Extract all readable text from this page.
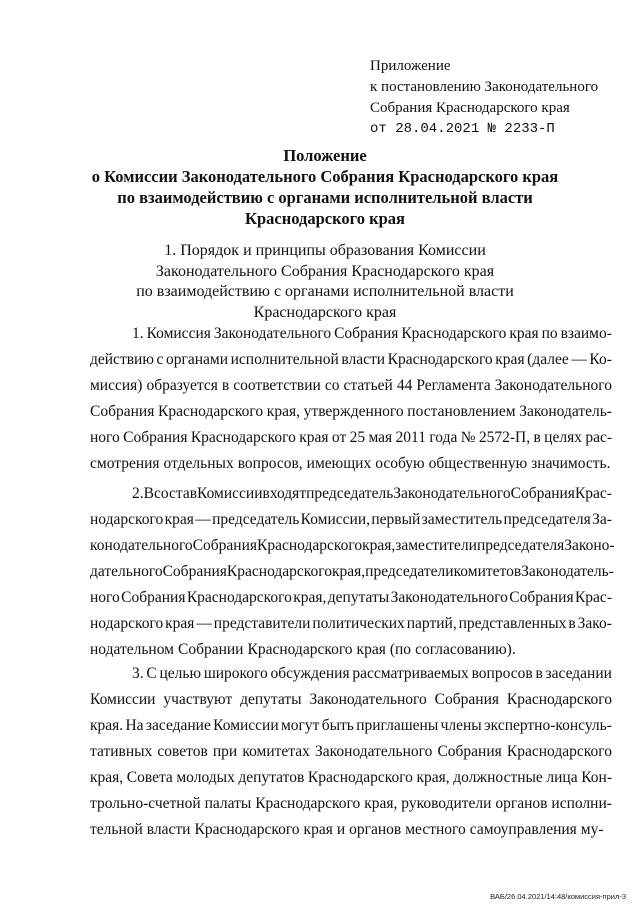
Приложение
к постановлению Законодательного
Собрания Краснодарского края
от 28.04.2021 № 2233-П
Положение
о Комиссии Законодательного Собрания Краснодарского края
по взаимодействию с органами исполнительной власти
Краснодарского края
1. Порядок и принципы образования Комиссии
Законодательного Собрания Краснодарского края
по взаимодействию с органами исполнительной власти
Краснодарского края
1. Комиссия Законодательного Собрания Краснодарского края по взаимо-
действию с органами исполнительной власти Краснодарского края (далее — Ко-
миссия) образуется в соответствии со статьей 44 Регламента Законодательного
Собрания Краснодарского края, утвержденного постановлением Законодатель-
ного Собрания Краснодарского края от 25 мая 2011 года № 2572-П, в целях рас-
смотрения отдельных вопросов, имеющих особую общественную значимость.
2. В состав Комиссии входят председатель Законодательного Собрания Крас-
нодарского края — председатель Комиссии, первый заместитель председателя За-
конодательного Собрания Краснодарского края, заместители председателя Законо-
дательного Собрания Краснодарского края, председатели комитетов Законодатель-
ного Собрания Краснодарского края, депутаты Законодательного Собрания Крас-
нодарского края — представители политических партий, представленных в Зако-
нодательном Собрании Краснодарского края (по согласованию).
3. С целью широкого обсуждения рассматриваемых вопросов в заседании
Комиссии участвуют депутаты Законодательного Собрания Краснодарского
края. На заседание Комиссии могут быть приглашены члены экспертно-консуль-
тативных советов при комитетах Законодательного Собрания Краснодарского
края, Совета молодых депутатов Краснодарского края, должностные лица Кон-
трольно-счетной палаты Краснодарского края, руководители органов исполни-
тельной власти Краснодарского края и органов местного самоуправления му-
ВАБ/26.04.2021/14:48/комиссия-прил-3
